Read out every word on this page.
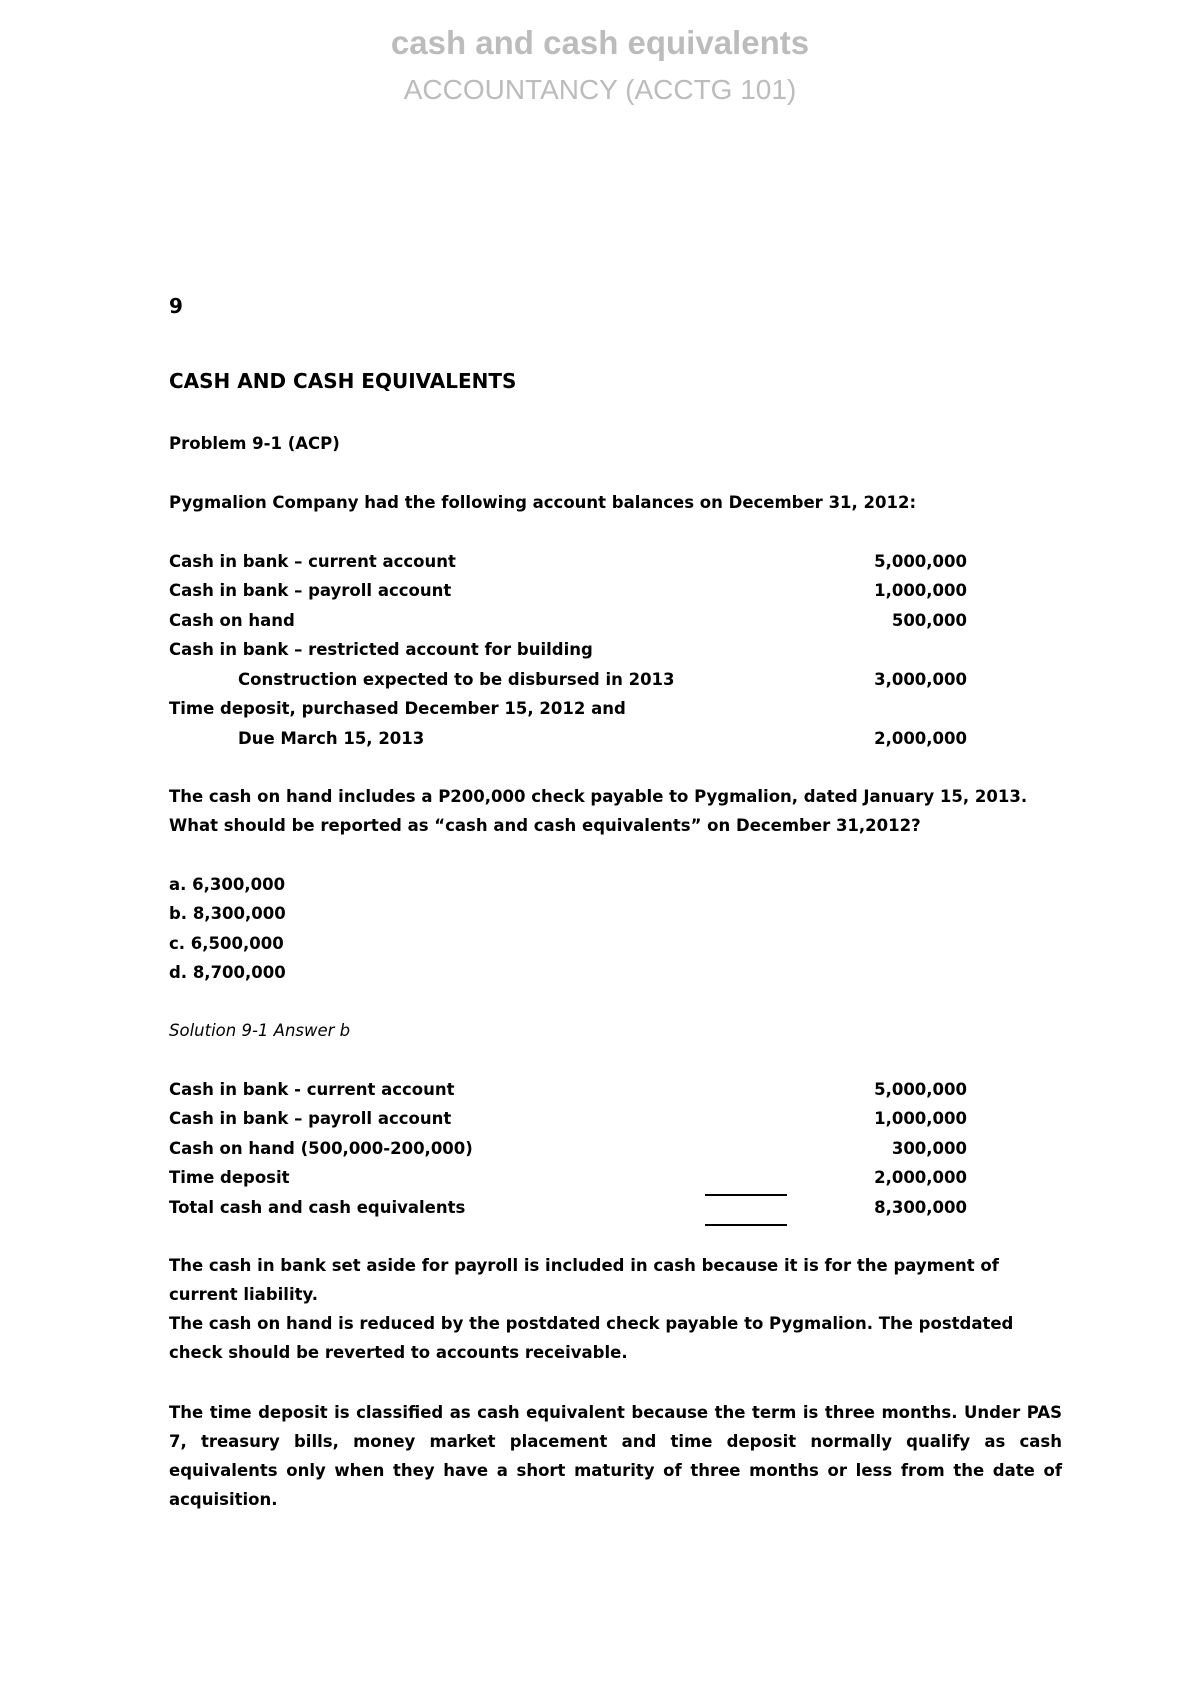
cash and cash equivalents
ACCOUNTANCY (ACCTG 101)
9
CASH AND CASH EQUIVALENTS
Problem 9-1 (ACP)
Pygmalion Company had the following account balances on December 31, 2012:
Cash in bank – current account	5,000,000
Cash in bank – payroll account	1,000,000
Cash on hand	500,000
Cash in bank – restricted account for building
Construction expected to be disbursed in 2013	3,000,000
Time deposit, purchased December 15, 2012 and
Due March 15, 2013	2,000,000
The cash on hand includes a P200,000 check payable to Pygmalion, dated January 15, 2013.
What should be reported as “cash and cash equivalents” on December 31,2012?
a. 6,300,000
b. 8,300,000
c. 6,500,000
d. 8,700,000
Solution 9-1 Answer b
Cash in bank - current account	5,000,000
Cash in bank – payroll account	1,000,000
Cash on hand (500,000-200,000)	300,000
Time deposit	2,000,000
Total cash and cash equivalents	8,300,000
The cash in bank set aside for payroll is included in cash because it is for the payment of current liability.
The cash on hand is reduced by the postdated check payable to Pygmalion. The postdated check should be reverted to accounts receivable.
The time deposit is classified as cash equivalent because the term is three months. Under PAS 7, treasury bills, money market placement and time deposit normally qualify as cash equivalents only when they have a short maturity of three months or less from the date of acquisition.
